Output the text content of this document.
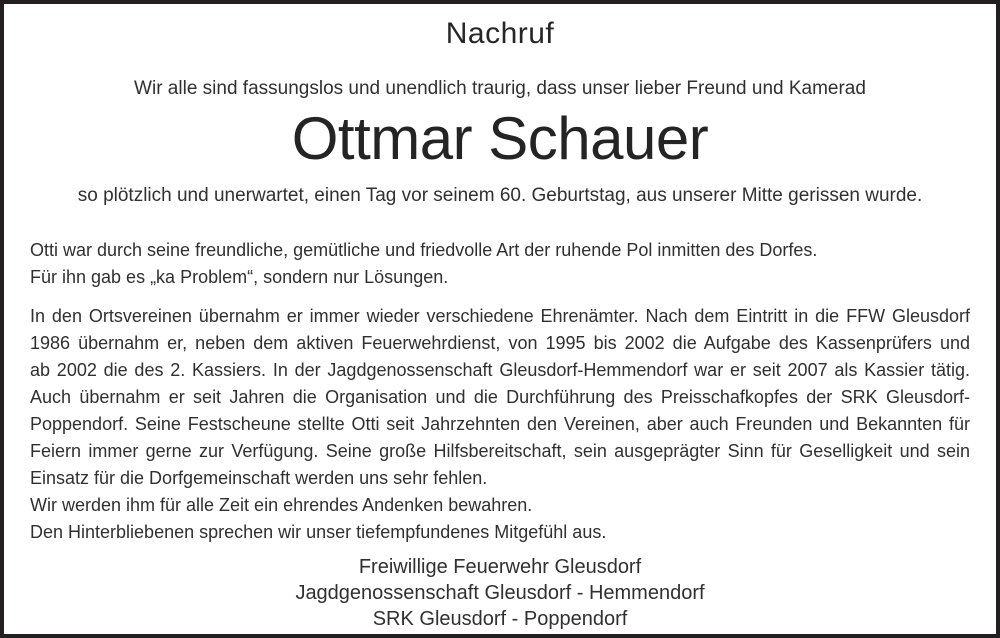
Nachruf
Wir alle sind fassungslos und unendlich traurig, dass unser lieber Freund und Kamerad
Ottmar Schauer
so plötzlich und unerwartet, einen Tag vor seinem 60. Geburtstag, aus unserer Mitte gerissen wurde.
Otti war durch seine freundliche, gemütliche und friedvolle Art der ruhende Pol inmitten des Dorfes.
Für ihn gab es „ka Problem“, sondern nur Lösungen.
In den Ortsvereinen übernahm er immer wieder verschiedene Ehrenämter. Nach dem Eintritt in die FFW Gleusdorf
1986 übernahm er, neben dem aktiven Feuerwehrdienst, von 1995 bis 2002 die Aufgabe des Kassenprüfers und
ab 2002 die des 2. Kassiers. In der Jagdgenossenschaft Gleusdorf-Hemmendorf war er seit 2007 als Kassier tätig.
Auch übernahm er seit Jahren die Organisation und die Durchführung des Preisschafkopfes der SRK Gleusdorf-
Poppendorf. Seine Festscheune stellte Otti seit Jahrzehnten den Vereinen, aber auch Freunden und Bekannten für
Feiern immer gerne zur Verfügung. Seine große Hilfsbereitschaft, sein ausgeprägter Sinn für Geselligkeit und sein
Einsatz für die Dorfgemeinschaft werden uns sehr fehlen.
Wir werden ihm für alle Zeit ein ehrendes Andenken bewahren.
Den Hinterbliebenen sprechen wir unser tiefempfundenes Mitgefühl aus.
Freiwillige Feuerwehr Gleusdorf
Jagdgenossenschaft Gleusdorf - Hemmendorf
SRK Gleusdorf - Poppendorf
